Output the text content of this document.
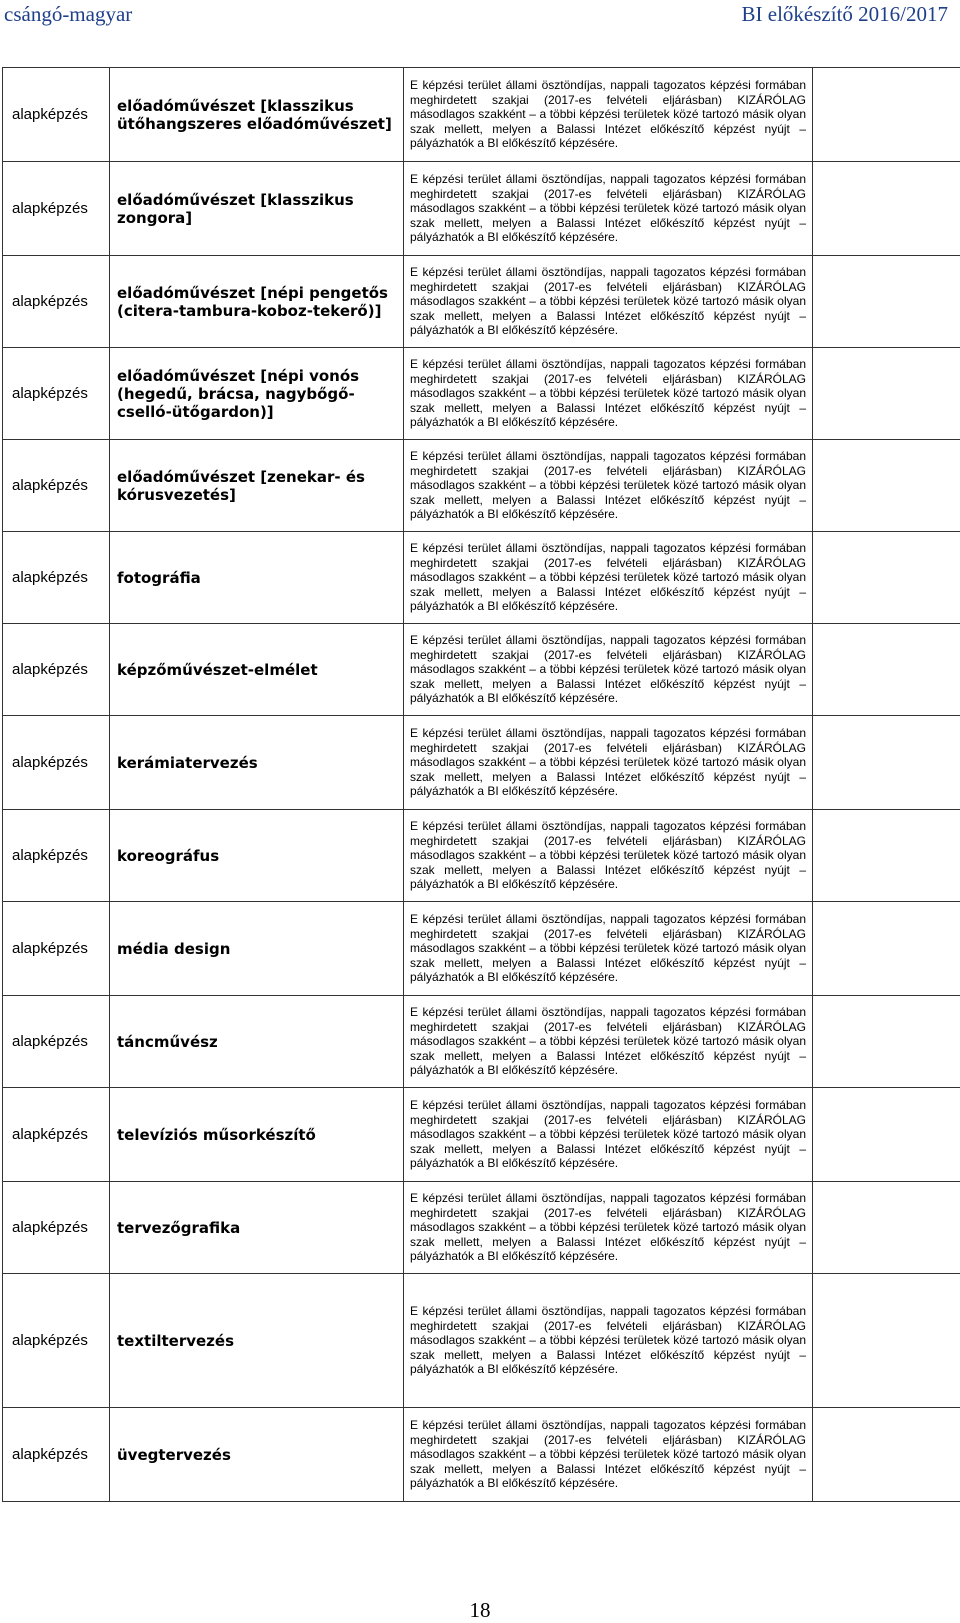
csángó-magyar	BI előkészítő 2016/2017
alapképzés	előadóművészet [klasszikus ütőhangszeres előadóművészet]	E képzési terület állami ösztöndíjas, nappali tagozatos képzési formában meghirdetett szakjai (2017-es felvételi eljárásban) KIZÁRÓLAG másodlagos szakként – a többi képzési területek közé tartozó másik olyan szak mellett, melyen a Balassi Intézet előkészítő képzést nyújt – pályázhatók a BI előkészítő képzésére.	
alapképzés	előadóművészet [klasszikus zongora]	E képzési terület állami ösztöndíjas, nappali tagozatos képzési formában meghirdetett szakjai (2017-es felvételi eljárásban) KIZÁRÓLAG másodlagos szakként – a többi képzési területek közé tartozó másik olyan szak mellett, melyen a Balassi Intézet előkészítő képzést nyújt – pályázhatók a BI előkészítő képzésére.	
alapképzés	előadóművészet [népi pengetős (citera-tambura-koboz-tekerő)]	E képzési terület állami ösztöndíjas, nappali tagozatos képzési formában meghirdetett szakjai (2017-es felvételi eljárásban) KIZÁRÓLAG másodlagos szakként – a többi képzési területek közé tartozó másik olyan szak mellett, melyen a Balassi Intézet előkészítő képzést nyújt – pályázhatók a BI előkészítő képzésére.	
alapképzés	előadóművészet [népi vonós (hegedű, brácsa, nagybőgő-cselló-ütőgardon)]	E képzési terület állami ösztöndíjas, nappali tagozatos képzési formában meghirdetett szakjai (2017-es felvételi eljárásban) KIZÁRÓLAG másodlagos szakként – a többi képzési területek közé tartozó másik olyan szak mellett, melyen a Balassi Intézet előkészítő képzést nyújt – pályázhatók a BI előkészítő képzésére.	
alapképzés	előadóművészet [zenekar- és kórusvezetés]	E képzési terület állami ösztöndíjas, nappali tagozatos képzési formában meghirdetett szakjai (2017-es felvételi eljárásban) KIZÁRÓLAG másodlagos szakként – a többi képzési területek közé tartozó másik olyan szak mellett, melyen a Balassi Intézet előkészítő képzést nyújt – pályázhatók a BI előkészítő képzésére.	
alapképzés	fotográfia	E képzési terület állami ösztöndíjas, nappali tagozatos képzési formában meghirdetett szakjai (2017-es felvételi eljárásban) KIZÁRÓLAG másodlagos szakként – a többi képzési területek közé tartozó másik olyan szak mellett, melyen a Balassi Intézet előkészítő képzést nyújt – pályázhatók a BI előkészítő képzésére.	
alapképzés	képzőművészet-elmélet	E képzési terület állami ösztöndíjas, nappali tagozatos képzési formában meghirdetett szakjai (2017-es felvételi eljárásban) KIZÁRÓLAG másodlagos szakként – a többi képzési területek közé tartozó másik olyan szak mellett, melyen a Balassi Intézet előkészítő képzést nyújt – pályázhatók a BI előkészítő képzésére.	
alapképzés	kerámiatervezés	E képzési terület állami ösztöndíjas, nappali tagozatos képzési formában meghirdetett szakjai (2017-es felvételi eljárásban) KIZÁRÓLAG másodlagos szakként – a többi képzési területek közé tartozó másik olyan szak mellett, melyen a Balassi Intézet előkészítő képzést nyújt – pályázhatók a BI előkészítő képzésére.	
alapképzés	koreográfus	E képzési terület állami ösztöndíjas, nappali tagozatos képzési formában meghirdetett szakjai (2017-es felvételi eljárásban) KIZÁRÓLAG másodlagos szakként – a többi képzési területek közé tartozó másik olyan szak mellett, melyen a Balassi Intézet előkészítő képzést nyújt – pályázhatók a BI előkészítő képzésére.	
alapképzés	média design	E képzési terület állami ösztöndíjas, nappali tagozatos képzési formában meghirdetett szakjai (2017-es felvételi eljárásban) KIZÁRÓLAG másodlagos szakként – a többi képzési területek közé tartozó másik olyan szak mellett, melyen a Balassi Intézet előkészítő képzést nyújt – pályázhatók a BI előkészítő képzésére.	
alapképzés	táncművész	E képzési terület állami ösztöndíjas, nappali tagozatos képzési formában meghirdetett szakjai (2017-es felvételi eljárásban) KIZÁRÓLAG másodlagos szakként – a többi képzési területek közé tartozó másik olyan szak mellett, melyen a Balassi Intézet előkészítő képzést nyújt – pályázhatók a BI előkészítő képzésére.	
alapképzés	televíziós műsorkészítő	E képzési terület állami ösztöndíjas, nappali tagozatos képzési formában meghirdetett szakjai (2017-es felvételi eljárásban) KIZÁRÓLAG másodlagos szakként – a többi képzési területek közé tartozó másik olyan szak mellett, melyen a Balassi Intézet előkészítő képzést nyújt – pályázhatók a BI előkészítő képzésére.	
alapképzés	tervezőgrafika	E képzési terület állami ösztöndíjas, nappali tagozatos képzési formában meghirdetett szakjai (2017-es felvételi eljárásban) KIZÁRÓLAG másodlagos szakként – a többi képzési területek közé tartozó másik olyan szak mellett, melyen a Balassi Intézet előkészítő képzést nyújt – pályázhatók a BI előkészítő képzésére.	
alapképzés	textiltervezés	E képzési terület állami ösztöndíjas, nappali tagozatos képzési formában meghirdetett szakjai (2017-es felvételi eljárásban) KIZÁRÓLAG másodlagos szakként – a többi képzési területek közé tartozó másik olyan szak mellett, melyen a Balassi Intézet előkészítő képzést nyújt – pályázhatók a BI előkészítő képzésére.	
alapképzés	üvegtervezés	E képzési terület állami ösztöndíjas, nappali tagozatos képzési formában meghirdetett szakjai (2017-es felvételi eljárásban) KIZÁRÓLAG másodlagos szakként – a többi képzési területek közé tartozó másik olyan szak mellett, melyen a Balassi Intézet előkészítő képzést nyújt – pályázhatók a BI előkészítő képzésére.	
18
